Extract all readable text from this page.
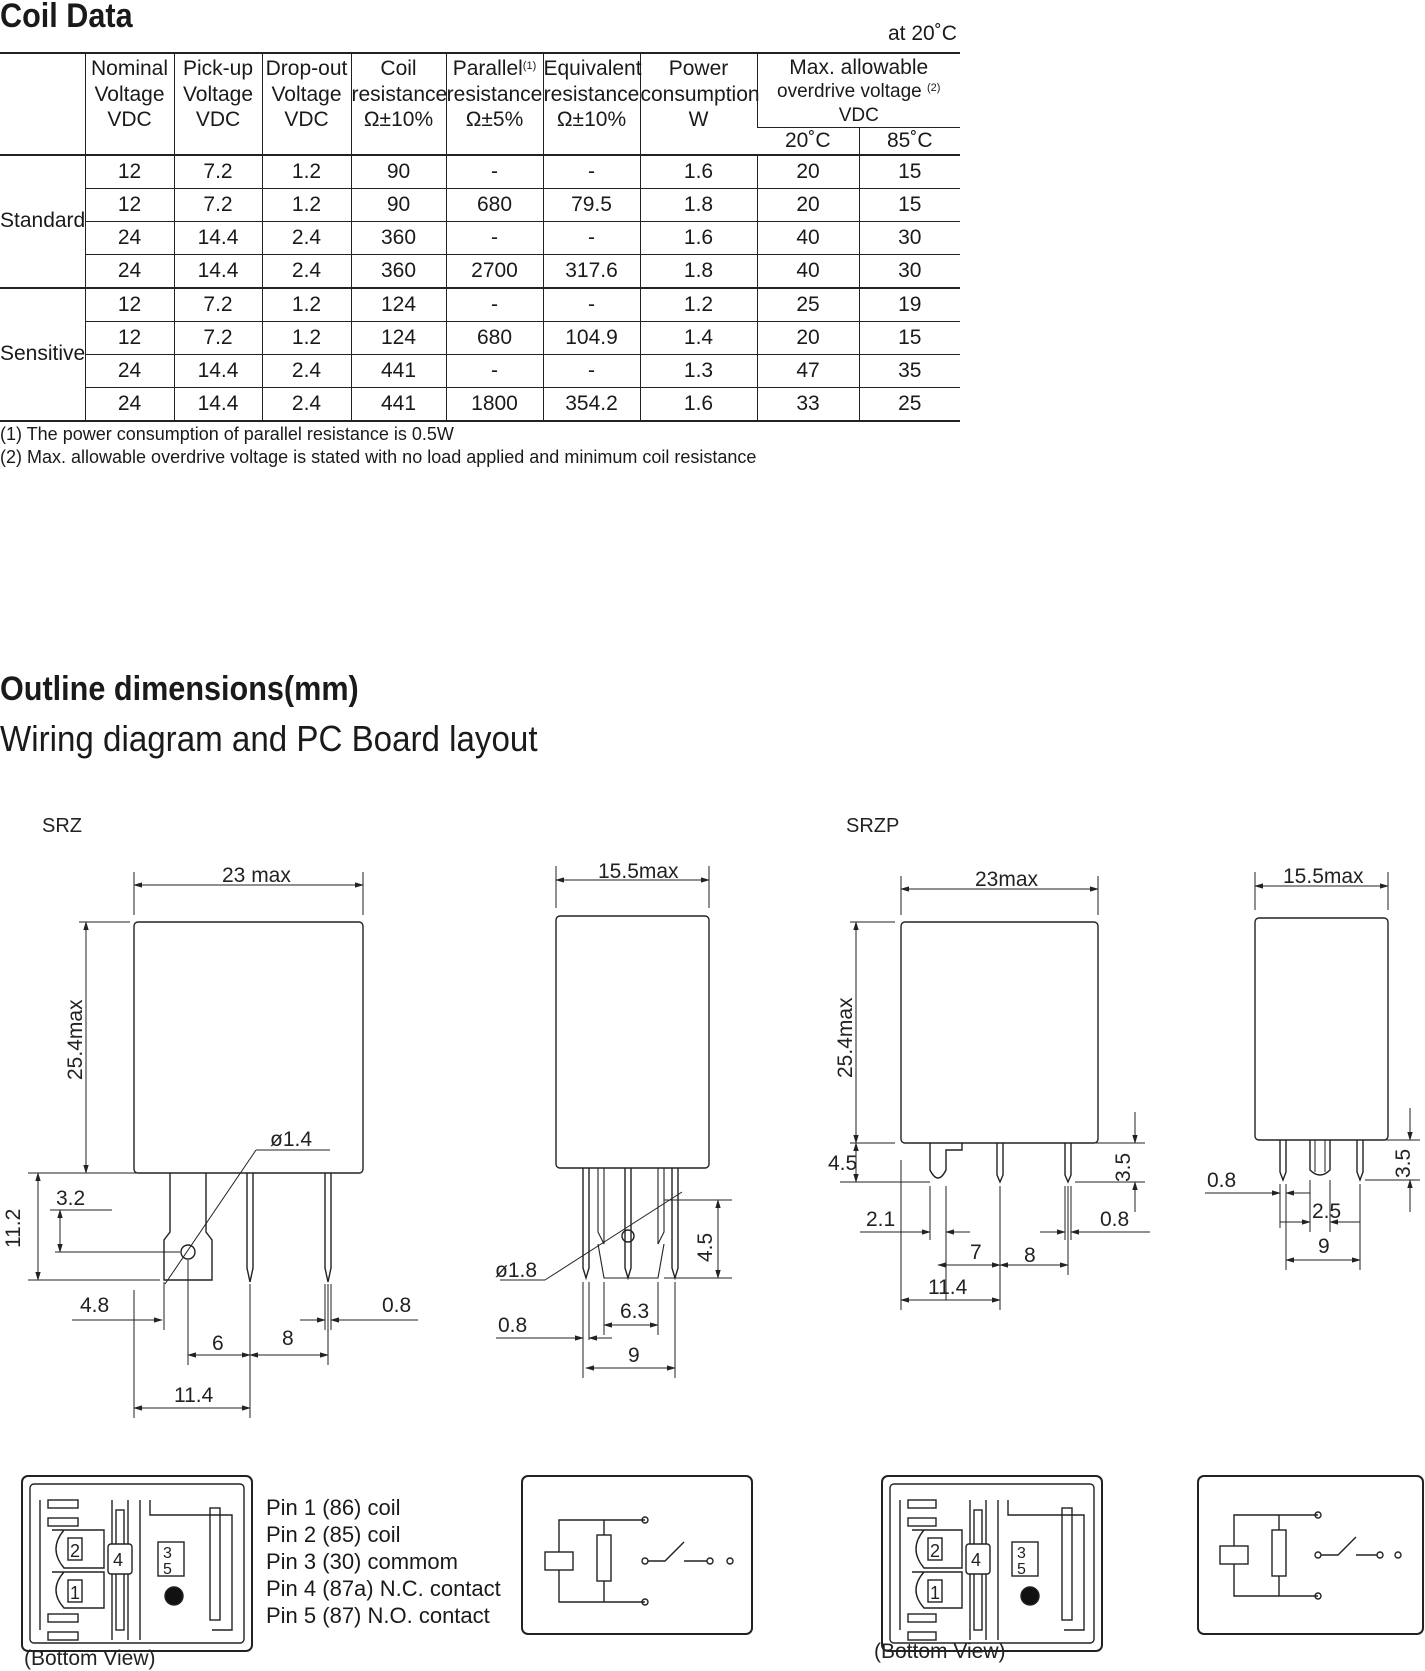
Coil Data	at 20˚C
	Nominal
Voltage
VDC	Pick-up
Voltage
VDC	Drop-out
Voltage
VDC	Coil
resistance
Ω±10%	Parallel$^{(1)}$
resistance
Ω±5%	Equivalent
resistance
Ω±10%	Power
consumption
W	Max. allowable
overdrive voltage $^{(2)}$ VDC	
								20˚C	85˚C
Standard	12	7.2	1.2	90	-	-	1.6	20	15
	12	7.2	1.2	90	680	79.5	1.8	20	15
	24	14.4	2.4	360	-	-	1.6	40	30
	24	14.4	2.4	360	2700	317.6	1.8	40	30
Sensitive	12	7.2	1.2	124	-	-	1.2	25	19
	12	7.2	1.2	124	680	104.9	1.4	20	15
	24	14.4	2.4	441	-	-	1.3	47	35
	24	14.4	2.4	441	1800	354.2	1.6	33	25
(1) The power consumption of parallel resistance is 0.5W
(2) Max. allowable overdrive voltage is stated with no load applied and minimum coil resistance
Outline dimensions(mm)
Wiring diagram and PC Board layout
SRZ
23 max
25.4max
ø1.4
11.2
3.2
4.8
6	8
0.8
11.4
15.5max
ø1.8
4.5
0.8
6.3
9
SRZP
23max
25.4max
4.5	3.5
2.1	0.8
7 8
11.4
15.5max
0.8
3.5
2.5
9
2
1
4 3
5
(Bottom View)
2
1
4 3
5
(Bottom View)
Pin 1 (86) coil
Pin 2 (85) coil
Pin 3 (30) commom
Pin 4 (87a) N.C. contact
Pin 5 (87) N.O. contact
